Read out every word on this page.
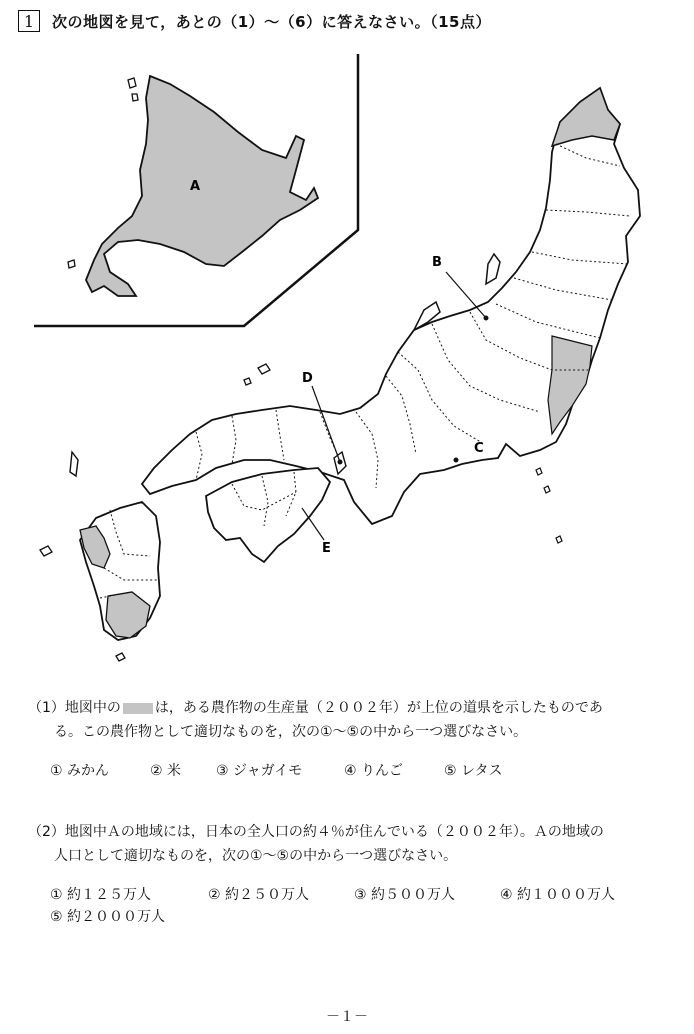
1	次の地図を見て，あとの（1）～（6）に答えなさい。（15点）
A
B
C
D
E
（1）地図中の は，ある農作物の生産量（２００２年）が上位の道県を示したものであ
る。この農作物として適切なものを，次の①～⑤の中から一つ選びなさい。
① みかん	② 米 ③ ジャガイモ	④ りんご	⑤ レタス
（2）地図中Ａの地域には，日本の全人口の約４％が住んでいる（２００２年）。Ａの地域の
人口として適切なものを，次の①～⑤の中から一つ選びなさい。
① 約１２５万人	② 約２５０万人	③ 約５００万人	④ 約１０００万人
⑤ 約２０００万人
－１－
